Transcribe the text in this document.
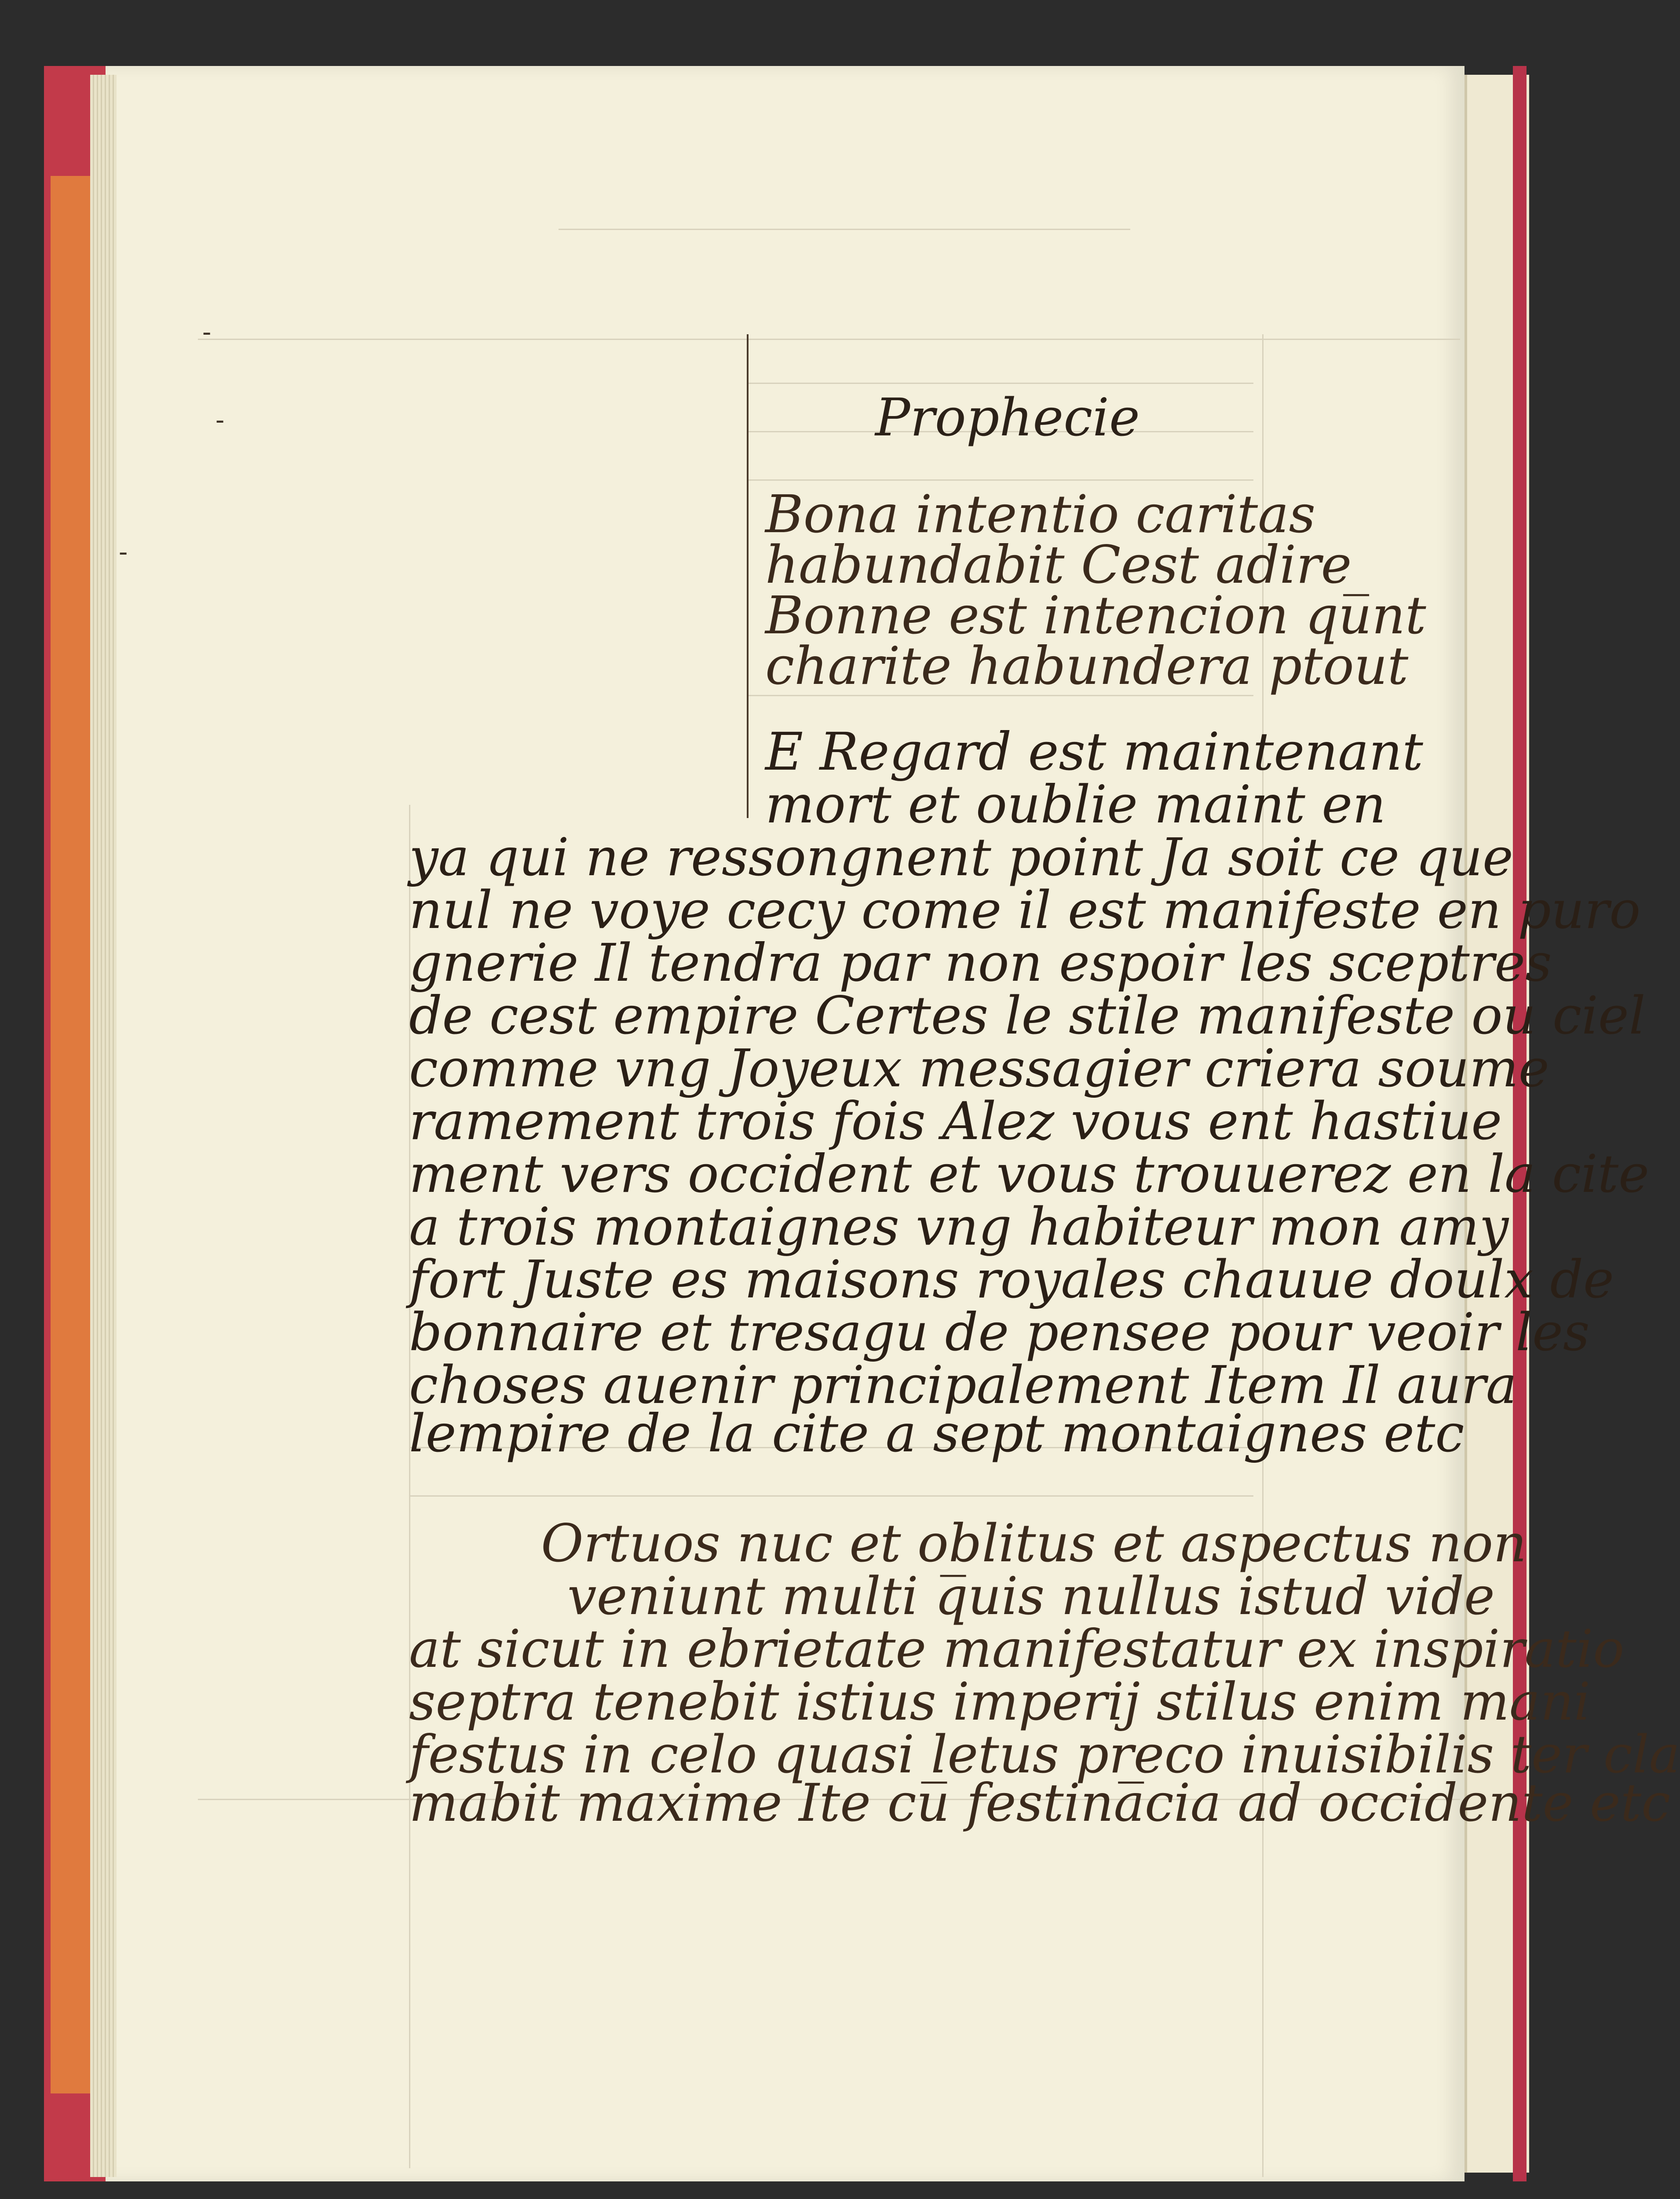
Prophecie
Bona intentio caritas
habundabit Cest adire
Bonne est intencion qu̅nt
charite habundera ptout
E Regard est maintenant
mort et oublie maint en
ya qui ne ressongnent point Ja soit ce que
nul ne voye cecy come il est manifeste en puro
gnerie Il tendra par non espoir les sceptres
de cest empire Certes le stile manifeste ou ciel
comme vng Joyeux messagier criera soume
ramement trois fois Alez vous ent hastiue
ment vers occident et vous trouuerez en la cite
a trois montaignes vng habiteur mon amy
fort Juste es maisons royales chauue doulx de
bonnaire et tresagu de pensee pour veoir les
choses auenir principalement Item Il aura
lempire de la cite a sept montaignes etc
Ortuos nuc et oblitus et aspectus non
veniunt multi q̅uis nullus istud vide
at sicut in ebrietate manifestatur ex inspiratio
septra tenebit istius imperij stilus enim mani
festus in celo quasi letus preco inuisibilis ter cla
mabit maxime Ite cu̅ festina̅cia ad occidente etc
-
-
-
